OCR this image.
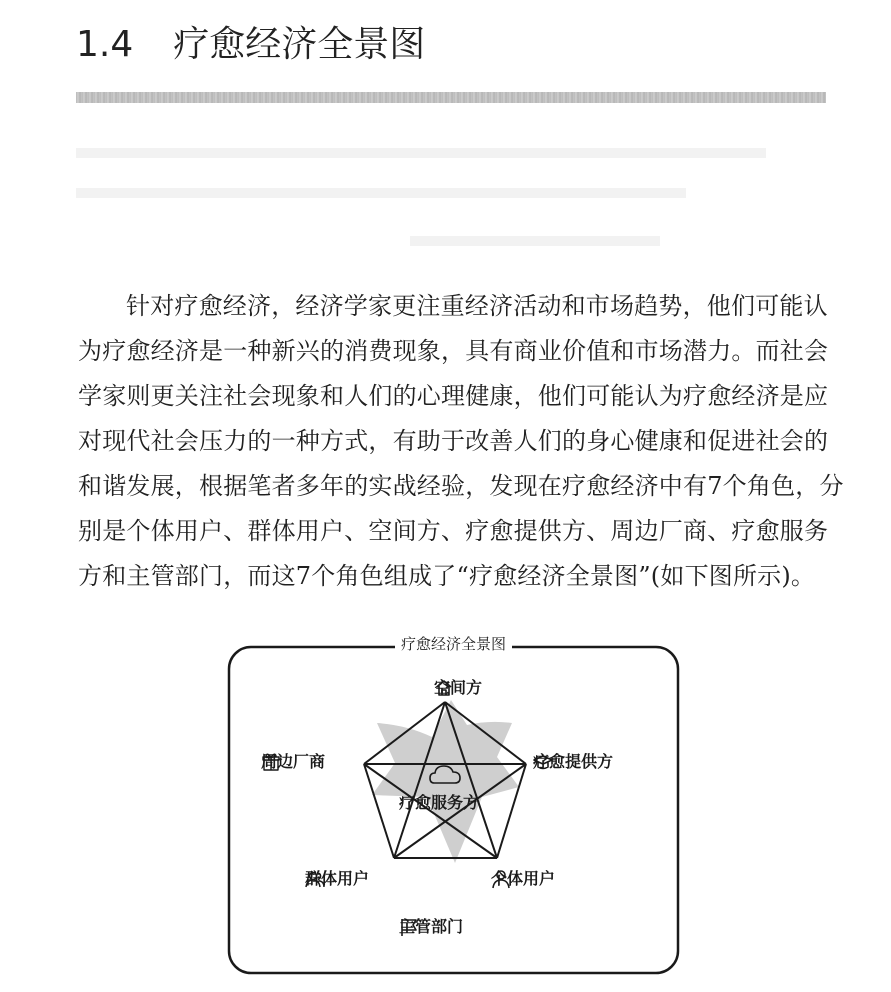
1.4 疗愈经济全景图
针对疗愈经济，经济学家更注重经济活动和市场趋势，他们可能认
为疗愈经济是一种新兴的消费现象，具有商业价值和市场潜力。而社会
学家则更关注社会现象和人们的心理健康，他们可能认为疗愈经济是应
对现代社会压力的一种方式，有助于改善人们的身心健康和促进社会的
和谐发展，根据笔者多年的实战经验，发现在疗愈经济中有7个角色，分
别是个体用户、群体用户、空间方、疗愈提供方、周边厂商、疗愈服务
方和主管部门，而这7个角色组成了“疗愈经济全景图”(如下图所示)。
疗愈经济全景图
疗愈服务方
空间方
疗愈提供方
周边厂商
个体用户
群体用户
主管部门
